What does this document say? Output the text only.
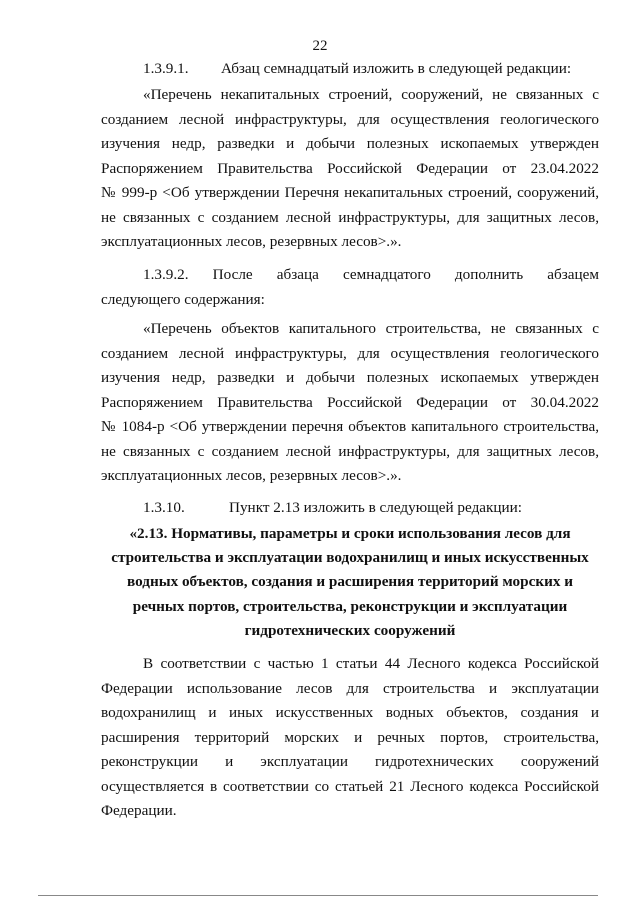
22
1.3.9.1.	Абзац семнадцатый изложить в следующей редакции:
«Перечень некапитальных строений, сооружений, не связанных с
созданием лесной инфраструктуры, для осуществления геологического
изучения недр, разведки и добычи полезных ископаемых утвержден
Распоряжением Правительства Российской Федерации от 23.04.2022
№ 999-р <Об утверждении Перечня некапитальных строений, сооружений,
не связанных с созданием лесной инфраструктуры, для защитных лесов,
эксплуатационных лесов, резервных лесов>.».
1.3.9.2. После абзаца семнадцатого дополнить абзацем
следующего содержания:
«Перечень объектов капитального строительства, не связанных с
созданием лесной инфраструктуры, для осуществления геологического
изучения недр, разведки и добычи полезных ископаемых утвержден
Распоряжением Правительства Российской Федерации от 30.04.2022
№ 1084-р <Об утверждении перечня объектов капитального строительства,
не связанных с созданием лесной инфраструктуры, для защитных лесов,
эксплуатационных лесов, резервных лесов>.».
1.3.10.	Пункт 2.13 изложить в следующей редакции:
«2.13. Нормативы, параметры и сроки использования лесов для
строительства и эксплуатации водохранилищ и иных искусственных
водных объектов, создания и расширения территорий морских и
речных портов, строительства, реконструкции и эксплуатации
гидротехнических сооружений
В соответствии с частью 1 статьи 44 Лесного кодекса Российской
Федерации использование лесов для строительства и эксплуатации
водохранилищ и иных искусственных водных объектов, создания и
расширения территорий морских и речных портов, строительства,
реконструкции и эксплуатации гидротехнических сооружений
осуществляется в соответствии со статьей 21 Лесного кодекса Российской
Федерации.
